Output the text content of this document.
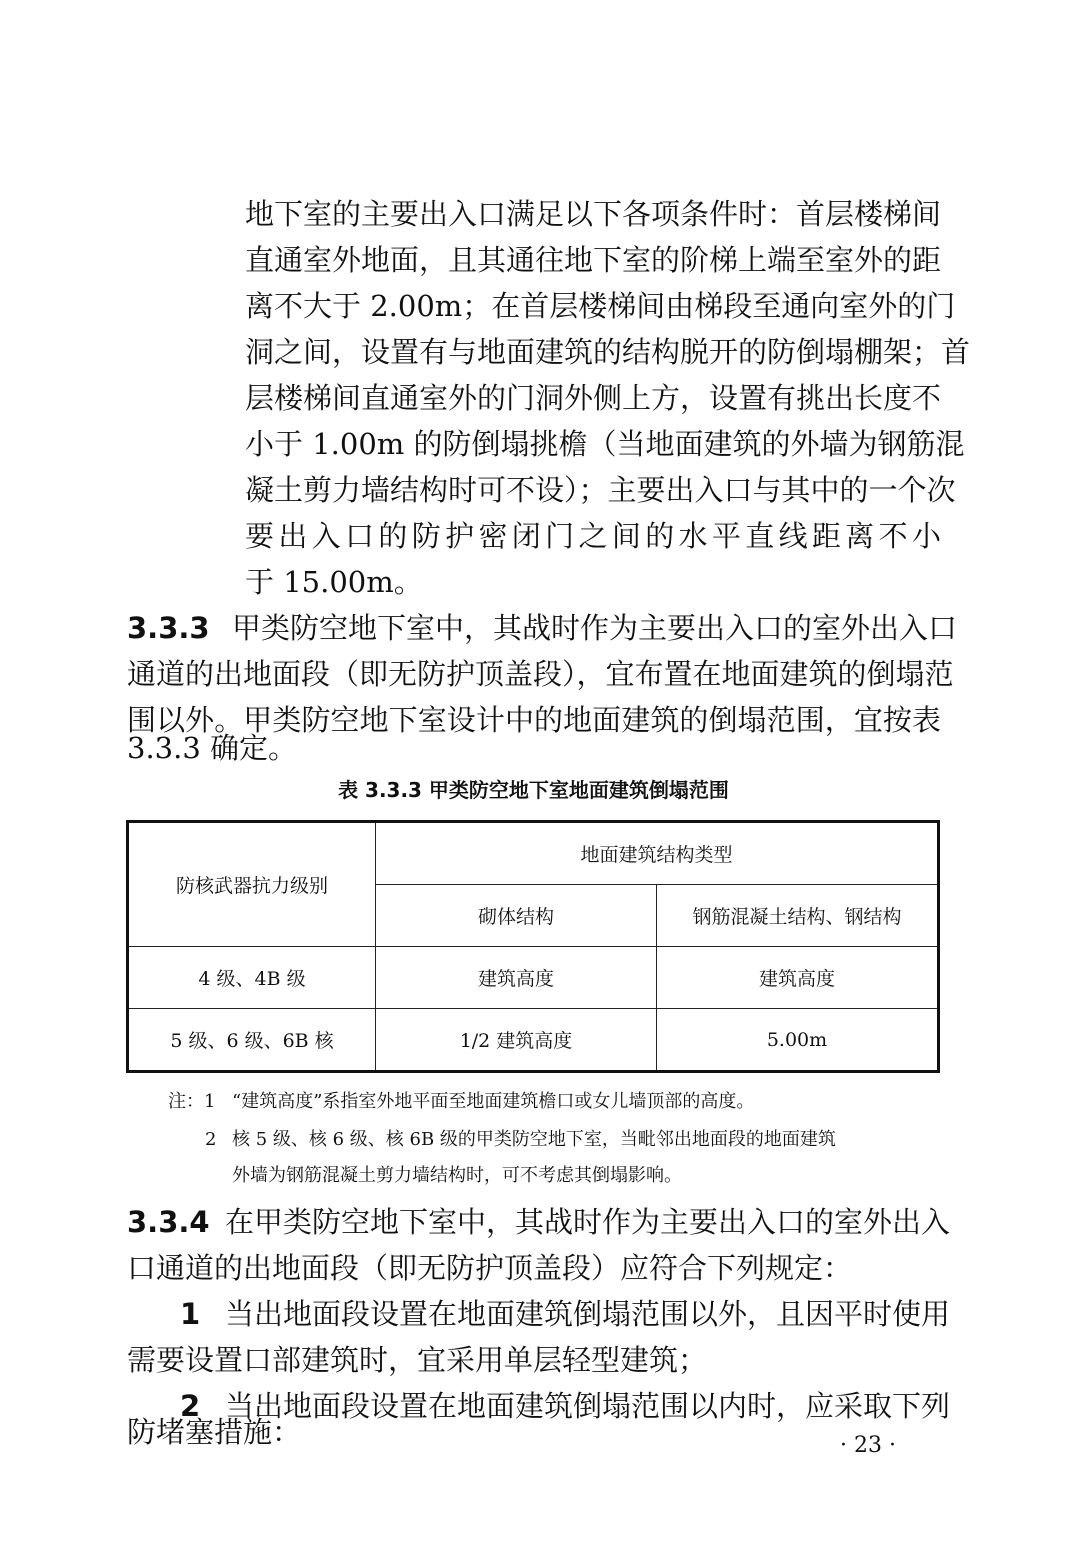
地下室的主要出入口满足以下各项条件时：首层楼梯间
直通室外地面，且其通往地下室的阶梯上端至室外的距
离不大于 2.00m；在首层楼梯间由梯段至通向室外的门
洞之间，设置有与地面建筑的结构脱开的防倒塌棚架；首
层楼梯间直通室外的门洞外侧上方，设置有挑出长度不
小于 1.00m 的防倒塌挑檐（当地面建筑的外墙为钢筋混
凝土剪力墙结构时可不设）；主要出入口与其中的一个次
要出入口的防护密闭门之间的水平直线距离不小
于 15.00m。
3.3.3 甲类防空地下室中，其战时作为主要出入口的室外出入口
通道的出地面段（即无防护顶盖段），宜布置在地面建筑的倒塌范
围以外。甲类防空地下室设计中的地面建筑的倒塌范围，宜按表
3.3.3 确定。
表 3.3.3 甲类防空地下室地面建筑倒塌范围
防核武器抗力级别	地面建筑结构类型	
	砌体结构	钢筋混凝土结构、钢结构
4 级、4B 级	建筑高度	建筑高度
5 级、6 级、6B 核	1/2 建筑高度	5.00m
注：1 “建筑高度”系指室外地平面至地面建筑檐口或女儿墙顶部的高度。
2 核 5 级、核 6 级、核 6B 级的甲类防空地下室，当毗邻出地面段的地面建筑
外墙为钢筋混凝土剪力墙结构时，可不考虑其倒塌影响。
3.3.4 在甲类防空地下室中，其战时作为主要出入口的室外出入
口通道的出地面段（即无防护顶盖段）应符合下列规定：
1 当出地面段设置在地面建筑倒塌范围以外，且因平时使用
需要设置口部建筑时，宜采用单层轻型建筑；
2 当出地面段设置在地面建筑倒塌范围以内时，应采取下列
防堵塞措施：	· 23 ·
